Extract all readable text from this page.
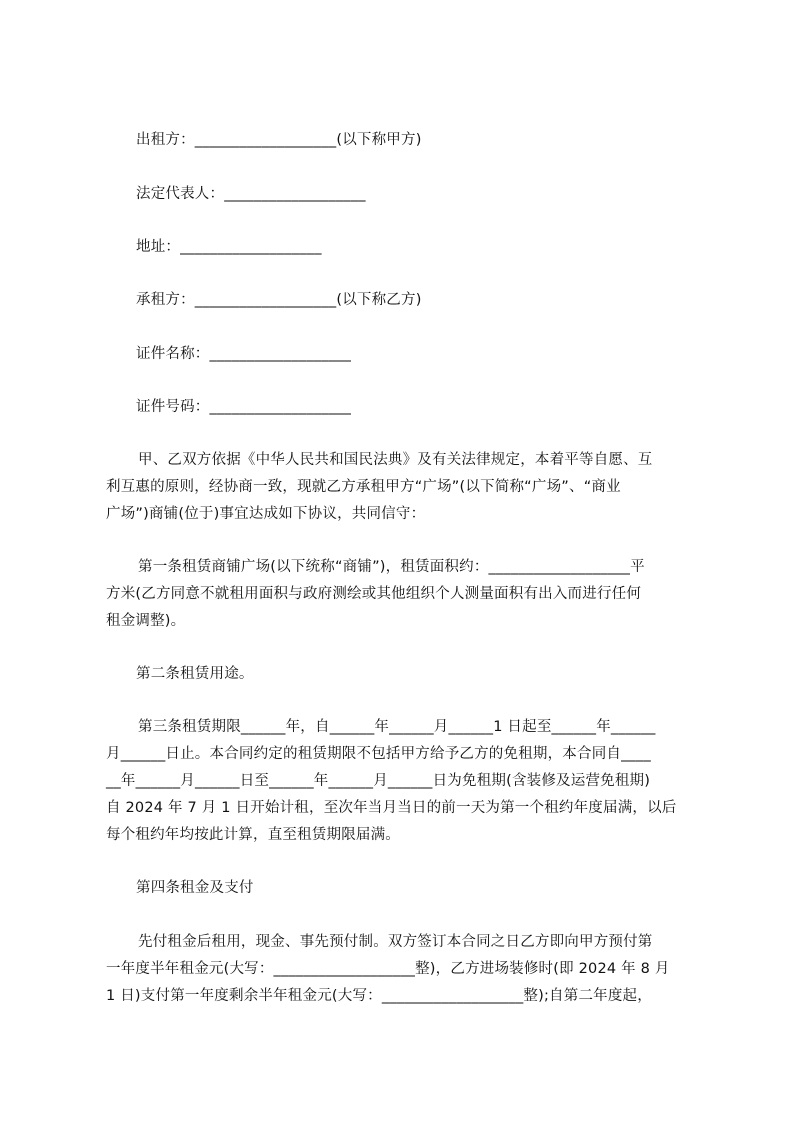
出租方：___________________(以下称甲方)
法定代表人：___________________
地址：___________________
承租方：___________________(以下称乙方)
证件名称：___________________
证件号码：___________________
甲、乙双方依据《中华人民共和国民法典》及有关法律规定，本着平等自愿、互
利互惠的原则，经协商一致，现就乙方承租甲方“广场”(以下简称“广场”、“商业
广场”)商铺(位于)事宜达成如下协议，共同信守：
第一条租赁商铺广场(以下统称“商铺”)，租赁面积约：___________________平
方米(乙方同意不就租用面积与政府测绘或其他组织个人测量面积有出入而进行任何
租金调整)。
第二条租赁用途。
第三条租赁期限______年，自______年______月______1 日起至______年______
月______日止。本合同约定的租赁期限不包括甲方给予乙方的免租期，本合同自____
__年______月______日至______年______月______日为免租期(含装修及运营免租期)
自 2024 年 7 月 1 日开始计租，至次年当月当日的前一天为第一个租约年度届满，以后
每个租约年均按此计算，直至租赁期限届满。
第四条租金及支付
先付租金后租用，现金、事先预付制。双方签订本合同之日乙方即向甲方预付第
一年度半年租金元(大写：___________________整)，乙方进场装修时(即 2024 年 8 月
1 日)支付第一年度剩余半年租金元(大写：___________________整);自第二年度起，
